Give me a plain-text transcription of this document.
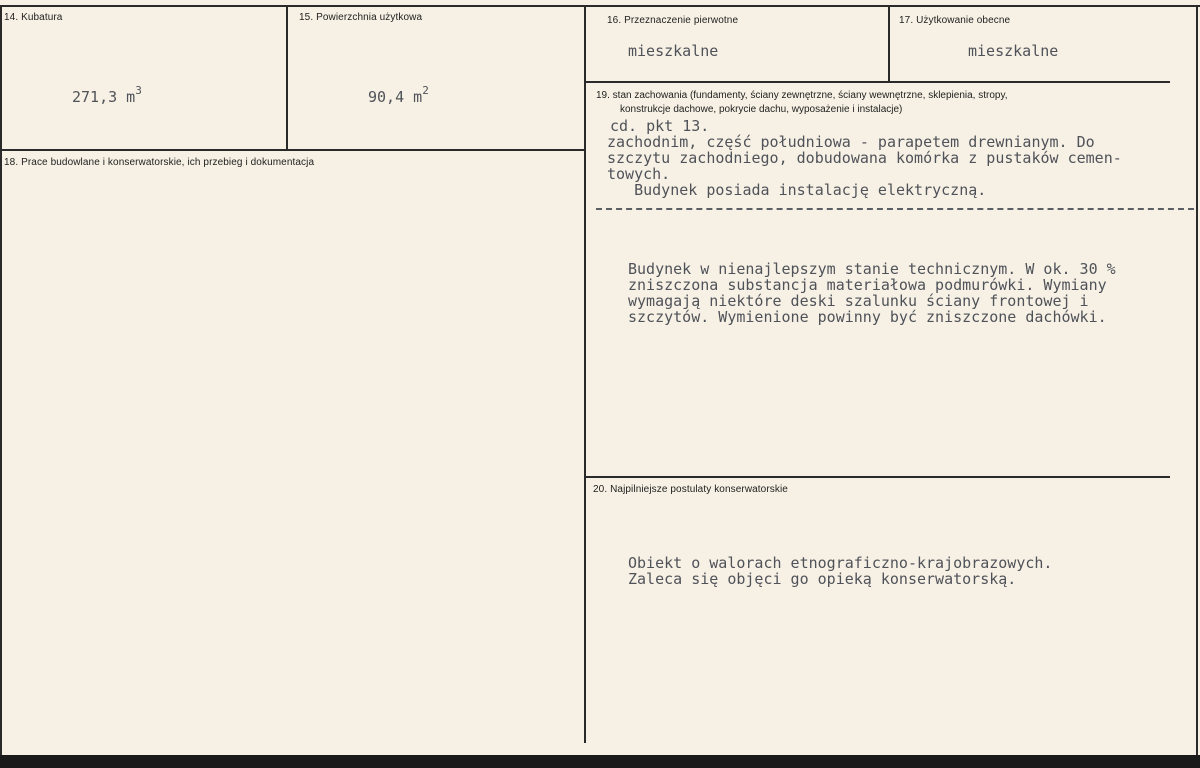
14. Kubatura
271,3 $m^3$
15. Powierzchnia użytkowa
90,4 $m^2$
16. Przeznaczenie pierwotne
mieszkalne
17. Użytkowanie obecne
mieszkalne
18. Prace budowlane i konserwatorskie, ich przebieg i dokumentacja
19. stan zachowania (fundamenty, ściany zewnętrzne, ściany wewnętrzne, sklepienia, stropy,
konstrukcje dachowe, pokrycie dachu, wyposażenie i instalacje)
cd. pkt 13.
zachodnim, część południowa - parapetem drewnianym. Do
szczytu zachodniego, dobudowana komórka z pustaków cemen-
towych.
Budynek posiada instalację elektryczną.
Budynek w nienajlepszym stanie technicznym. W ok. 30 %
zniszczona substancja materiałowa podmurówki. Wymiany
wymagają niektóre deski szalunku ściany frontowej i
szczytów. Wymienione powinny być zniszczone dachówki.
20. Najpilniejsze postulaty konserwatorskie
Obiekt o walorach etnograficzno-krajobrazowych.
Zaleca się objęci go opieką konserwatorską.
